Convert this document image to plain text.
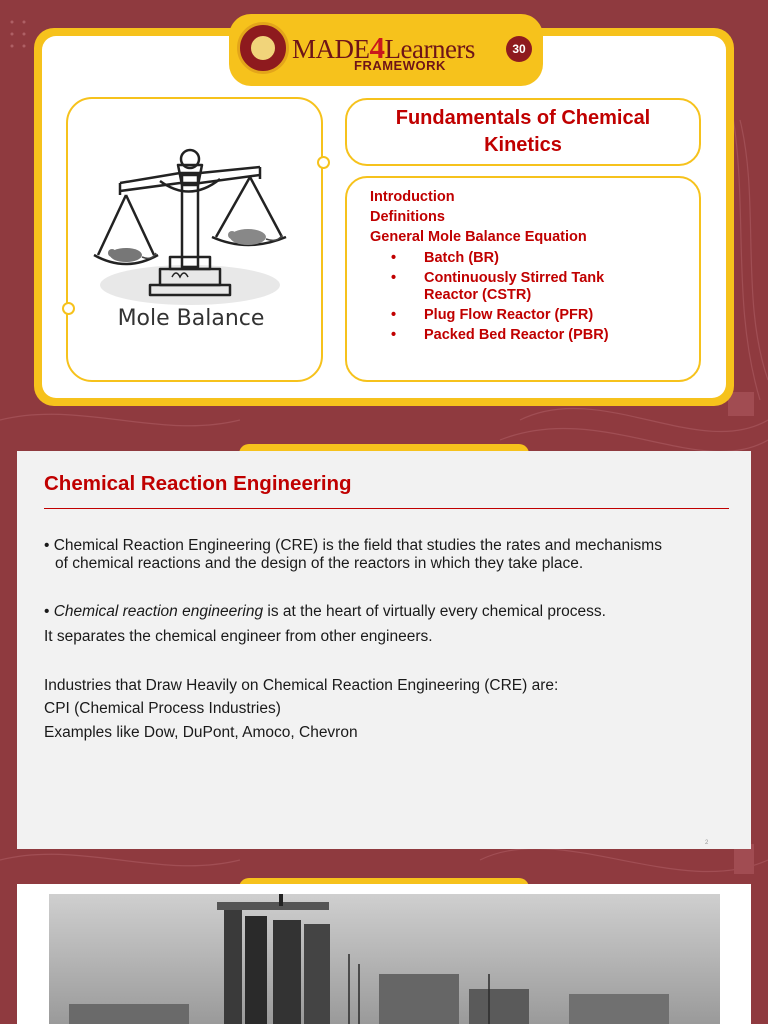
MADE4Learners	30
FRAMEWORK
Mole Balance
Fundamentals of Chemical Kinetics
Introduction
Definitions
General Mole Balance Equation
• Batch (BR)
• Continuously Stirred Tank Reactor (CSTR)
• Plug Flow Reactor (PFR)
• Packed Bed Reactor (PBR)
Chemical Reaction Engineering
• Chemical Reaction Engineering (CRE) is the field that studies the rates and mechanisms
of chemical reactions and the design of the reactors in which they take place.
• Chemical reaction engineering is at the heart of virtually every chemical process.
It separates the chemical engineer from other engineers.
Industries that Draw Heavily on Chemical Reaction Engineering (CRE) are:
CPI (Chemical Process Industries)
Examples like Dow, DuPont, Amoco, Chevron
2
